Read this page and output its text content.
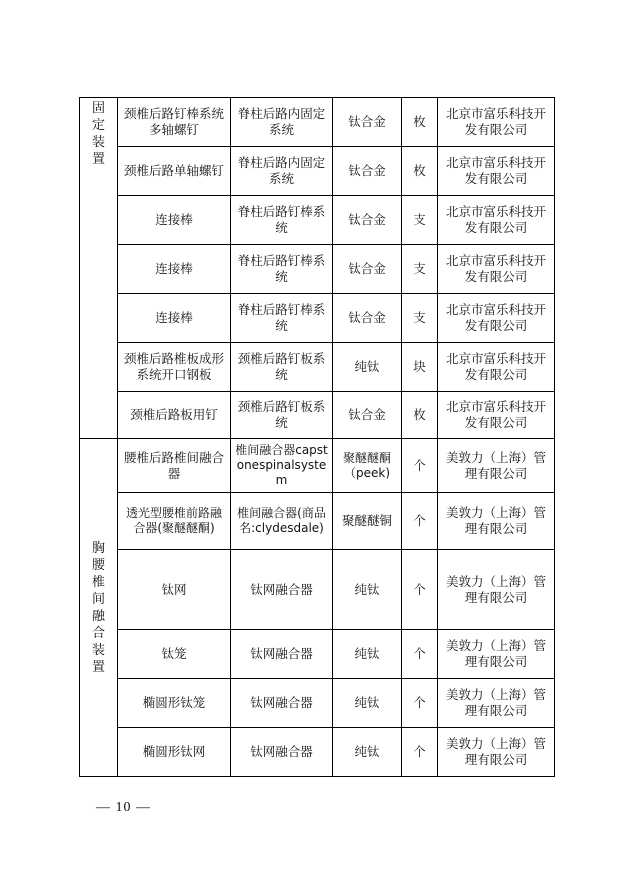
固定装置	颈椎后路钉棒系统多轴螺钉	脊柱后路内固定系统	钛合金	枚	北京市富乐科技开发有限公司
	颈椎后路单轴螺钉	脊柱后路内固定系统	钛合金	枚	北京市富乐科技开发有限公司
	连接棒	脊柱后路钉棒系统	钛合金	支	北京市富乐科技开发有限公司
	连接棒	脊柱后路钉棒系统	钛合金	支	北京市富乐科技开发有限公司
	连接棒	脊柱后路钉棒系统	钛合金	支	北京市富乐科技开发有限公司
	颈椎后路椎板成形系统开口钢板	颈椎后路钉板系统	纯钛	块	北京市富乐科技开发有限公司
	颈椎后路板用钉	颈椎后路钉板系统	钛合金	枚	北京市富乐科技开发有限公司
胸腰椎间融合装置	腰椎后路椎间融合器	椎间融合器capstonespinalsystem	聚醚醚酮（peek)	个	美敦力（上海）管理有限公司
	透光型腰椎前路融合器(聚醚醚酮)	椎间融合器(商品名:clydesdale)	聚醚醚铜	个	美敦力（上海）管理有限公司
	钛网	钛网融合器	纯钛	个	美敦力（上海）管理有限公司
	钛笼	钛网融合器	纯钛	个	美敦力（上海）管理有限公司
	椭圆形钛笼	钛网融合器	纯钛	个	美敦力（上海）管理有限公司
	椭圆形钛网	钛网融合器	纯钛	个	美敦力（上海）管理有限公司
— 10 —
